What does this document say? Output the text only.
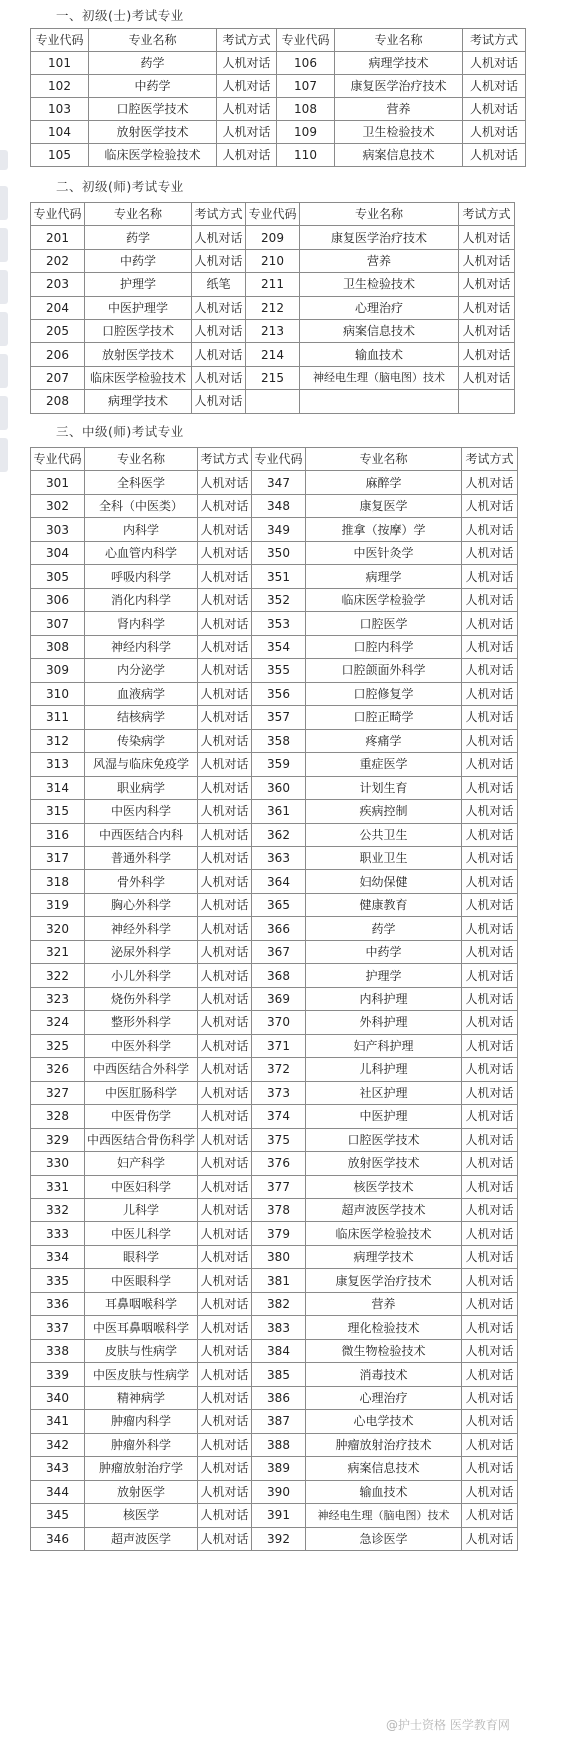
一、初级(士)考试专业
专业代码	专业名称	考试方式	专业代码	专业名称	考试方式
101	药学	人机对话	106	病理学技术	人机对话
102	中药学	人机对话	107	康复医学治疗技术	人机对话
103	口腔医学技术	人机对话	108	营养	人机对话
104	放射医学技术	人机对话	109	卫生检验技术	人机对话
105	临床医学检验技术	人机对话	110	病案信息技术	人机对话
二、初级(师)考试专业
专业代码	专业名称	考试方式	专业代码	专业名称	考试方式
201	药学	人机对话	209	康复医学治疗技术	人机对话
202	中药学	人机对话	210	营养	人机对话
203	护理学	纸笔	211	卫生检验技术	人机对话
204	中医护理学	人机对话	212	心理治疗	人机对话
205	口腔医学技术	人机对话	213	病案信息技术	人机对话
206	放射医学技术	人机对话	214	输血技术	人机对话
207	临床医学检验技术	人机对话	215	神经电生理（脑电图）技术	人机对话
208	病理学技术	人机对话			
三、中级(师)考试专业
专业代码	专业名称	考试方式	专业代码	专业名称	考试方式
301	全科医学	人机对话	347	麻醉学	人机对话
302	全科（中医类）	人机对话	348	康复医学	人机对话
303	内科学	人机对话	349	推拿（按摩）学	人机对话
304	心血管内科学	人机对话	350	中医针灸学	人机对话
305	呼吸内科学	人机对话	351	病理学	人机对话
306	消化内科学	人机对话	352	临床医学检验学	人机对话
307	肾内科学	人机对话	353	口腔医学	人机对话
308	神经内科学	人机对话	354	口腔内科学	人机对话
309	内分泌学	人机对话	355	口腔颌面外科学	人机对话
310	血液病学	人机对话	356	口腔修复学	人机对话
311	结核病学	人机对话	357	口腔正畸学	人机对话
312	传染病学	人机对话	358	疼痛学	人机对话
313	风湿与临床免疫学	人机对话	359	重症医学	人机对话
314	职业病学	人机对话	360	计划生育	人机对话
315	中医内科学	人机对话	361	疾病控制	人机对话
316	中西医结合内科	人机对话	362	公共卫生	人机对话
317	普通外科学	人机对话	363	职业卫生	人机对话
318	骨外科学	人机对话	364	妇幼保健	人机对话
319	胸心外科学	人机对话	365	健康教育	人机对话
320	神经外科学	人机对话	366	药学	人机对话
321	泌尿外科学	人机对话	367	中药学	人机对话
322	小儿外科学	人机对话	368	护理学	人机对话
323	烧伤外科学	人机对话	369	内科护理	人机对话
324	整形外科学	人机对话	370	外科护理	人机对话
325	中医外科学	人机对话	371	妇产科护理	人机对话
326	中西医结合外科学	人机对话	372	儿科护理	人机对话
327	中医肛肠科学	人机对话	373	社区护理	人机对话
328	中医骨伤学	人机对话	374	中医护理	人机对话
329	中西医结合骨伤科学	人机对话	375	口腔医学技术	人机对话
330	妇产科学	人机对话	376	放射医学技术	人机对话
331	中医妇科学	人机对话	377	核医学技术	人机对话
332	儿科学	人机对话	378	超声波医学技术	人机对话
333	中医儿科学	人机对话	379	临床医学检验技术	人机对话
334	眼科学	人机对话	380	病理学技术	人机对话
335	中医眼科学	人机对话	381	康复医学治疗技术	人机对话
336	耳鼻咽喉科学	人机对话	382	营养	人机对话
337	中医耳鼻咽喉科学	人机对话	383	理化检验技术	人机对话
338	皮肤与性病学	人机对话	384	微生物检验技术	人机对话
339	中医皮肤与性病学	人机对话	385	消毒技术	人机对话
340	精神病学	人机对话	386	心理治疗	人机对话
341	肿瘤内科学	人机对话	387	心电学技术	人机对话
342	肿瘤外科学	人机对话	388	肿瘤放射治疗技术	人机对话
343	肿瘤放射治疗学	人机对话	389	病案信息技术	人机对话
344	放射医学	人机对话	390	输血技术	人机对话
345	核医学	人机对话	391	神经电生理（脑电图）技术	人机对话
346	超声波医学	人机对话	392	急诊医学	人机对话
@护士资格 医学教育网
